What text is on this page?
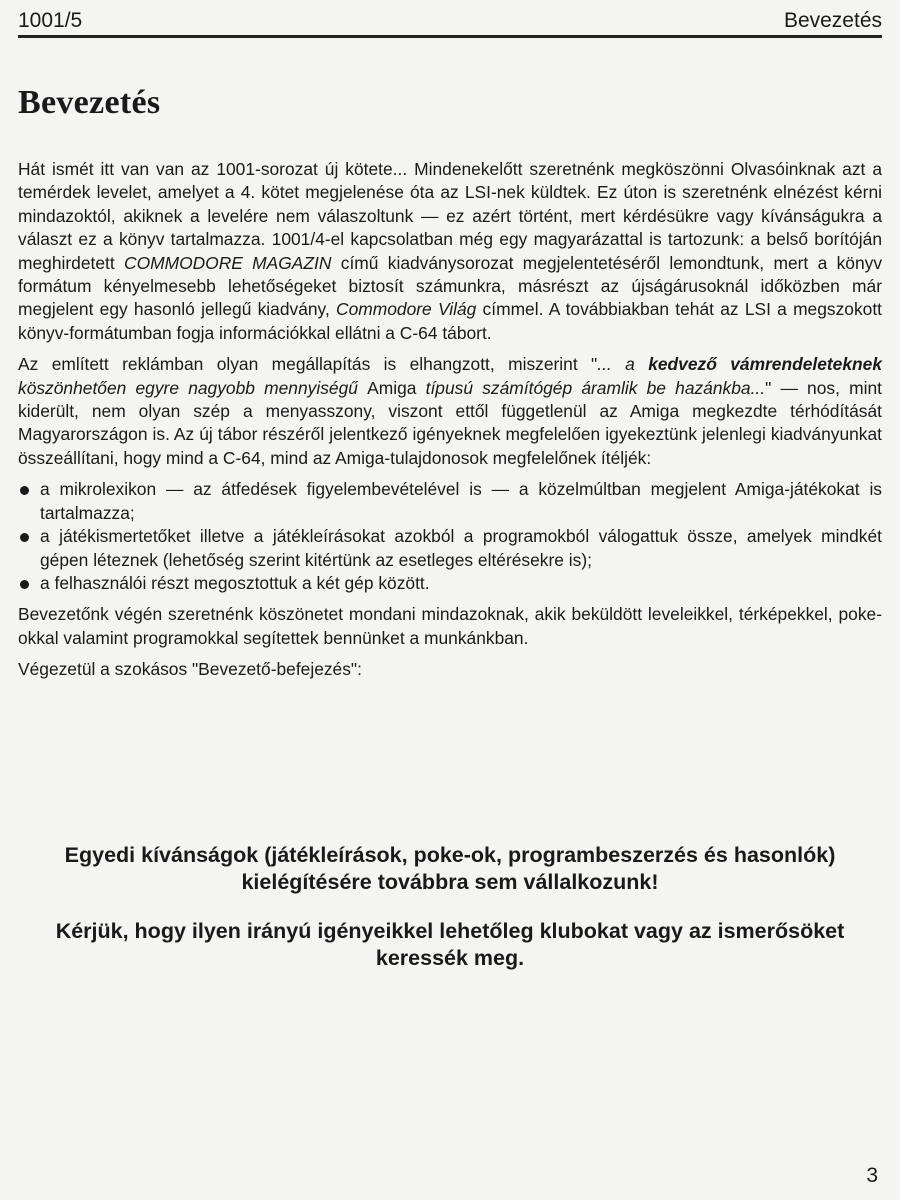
1001/5	Bevezetés
Bevezetés

Hát ismét itt van van az 1001-sorozat új kötete... Mindenekelőtt szeretnénk megköszönni Olvasóinknak azt a temérdek levelet, amelyet a 4. kötet megjelenése óta az LSI-nek küldtek. Ez úton is szeretnénk elnézést kérni mindazoktól, akiknek a levelére nem válaszoltunk — ez azért történt, mert kérdésükre vagy kívánságukra a választ ez a könyv tartalmazza. 1001/4-el kapcsolatban még egy magyarázattal is tartozunk: a belső borítóján meghirdetett COMMODORE MAGAZIN című kiadványsorozat megjelentetéséről lemondtunk, mert a könyv formátum kényelmesebb lehetőségeket biztosít számunkra, másrészt az újságárusoknál időközben már megjelent egy hasonló jellegű kiadvány, Commodore Világ címmel. A továbbiakban tehát az LSI a megszokott könyv-formátumban fogja információkkal ellátni a C-64 tábort.

Az említett reklámban olyan megállapítás is elhangzott, miszerint "... a kedvező vámrendeleteknek köszönhetően egyre nagyobb mennyiségű Amiga típusú számítógép áramlik be hazánkba..." — nos, mint kiderült, nem olyan szép a menyasszony, viszont ettől függetlenül az Amiga megkezdte térhódítását Magyarországon is. Az új tábor részéről jelentkező igényeknek megfelelően igyekeztünk jelenlegi kiadványunkat összeállítani, hogy mind a C-64, mind az Amiga-tulajdonosok megfelelőnek ítéljék:

a mikrolexikon — az átfedések figyelembevételével is — a közelmúltban megjelent Amiga-játékokat is tartalmazza;
a játékismertetőket illetve a játékleírásokat azokból a programokból válogattuk össze, amelyek mindkét gépen léteznek (lehetőség szerint kitértünk az esetleges eltérésekre is);
a felhasználói részt megosztottuk a két gép között.

Bevezetőnk végén szeretnénk köszönetet mondani mindazoknak, akik beküldött leveleikkel, térképekkel, poke-okkal valamint programokkal segítettek bennünket a munkánkban.

Végezetül a szokásos "Bevezető-befejezés":

Egyedi kívánságok (játékleírások, poke-ok, programbeszerzés és hasonlók) kielégítésére továbbra sem vállalkozunk!
Kérjük, hogy ilyen irányú igényeikkel lehetőleg klubokat vagy az ismerősöket keressék meg.
3
